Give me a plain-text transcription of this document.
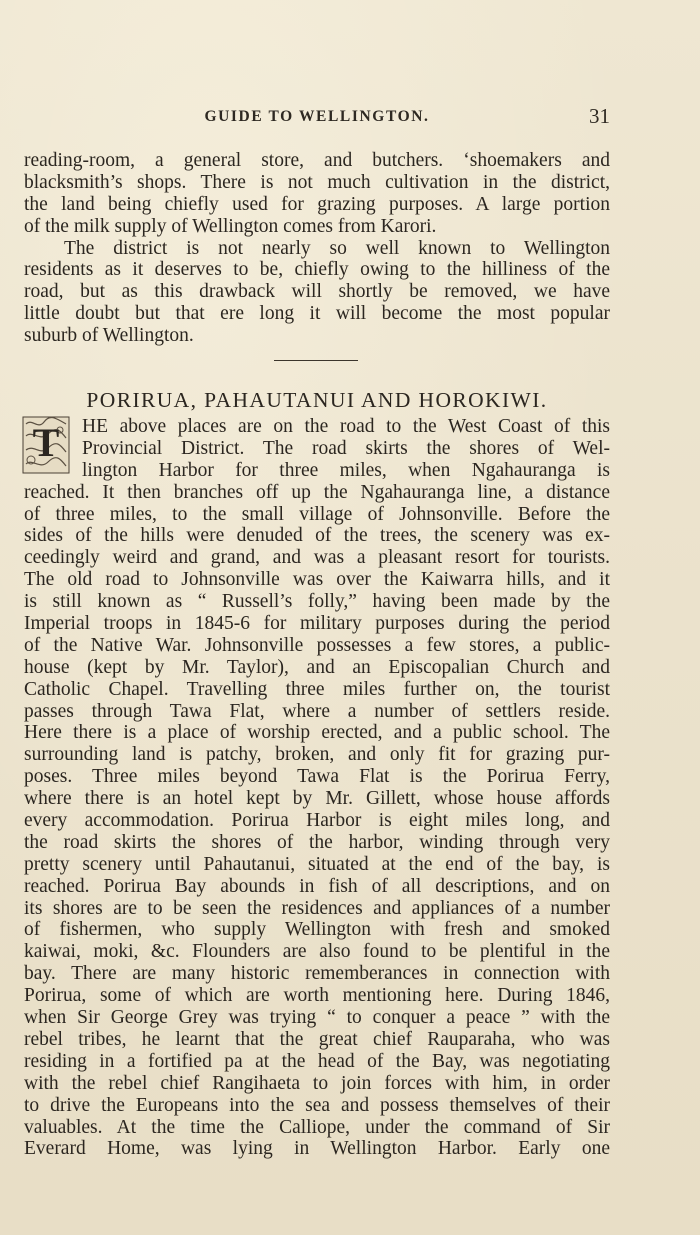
GUIDE TO WELLINGTON.	31
reading-room, a general store, and butchers. ‘shoemakers and
blacksmith’s shops. There is not much cultivation in the district,
the land being chiefly used for grazing purposes. A large portion
of the milk supply of Wellington comes from Karori.
The district is not nearly so well known to Wellington
residents as it deserves to be, chiefly owing to the hilliness of the
road, but as this drawback will shortly be removed, we have
little doubt but that ere long it will become the most popular
suburb of Wellington.
PORIRUA, PAHAUTANUI AND HOROKIWI.
T	HE above places are on the road to the West Coast of this
Provincial District. The road skirts the shores of Wel-
lington Harbor for three miles, when Ngahauranga is
reached. It then branches off up the Ngahauranga line, a distance
of three miles, to the small village of Johnsonville. Before the
sides of the hills were denuded of the trees, the scenery was ex-
ceedingly weird and grand, and was a pleasant resort for tourists.
The old road to Johnsonville was over the Kaiwarra hills, and it
is still known as “ Russell’s folly,” having been made by the
Imperial troops in 1845-6 for military purposes during the period
of the Native War. Johnsonville possesses a few stores, a public-
house (kept by Mr. Taylor), and an Episcopalian Church and
Catholic Chapel. Travelling three miles further on, the tourist
passes through Tawa Flat, where a number of settlers reside.
Here there is a place of worship erected, and a public school. The
surrounding land is patchy, broken, and only fit for grazing pur-
poses. Three miles beyond Tawa Flat is the Porirua Ferry,
where there is an hotel kept by Mr. Gillett, whose house affords
every accommodation. Porirua Harbor is eight miles long, and
the road skirts the shores of the harbor, winding through very
pretty scenery until Pahautanui, situated at the end of the bay, is
reached. Porirua Bay abounds in fish of all descriptions, and on
its shores are to be seen the residences and appliances of a number
of fishermen, who supply Wellington with fresh and smoked
kaiwai, moki, &c. Flounders are also found to be plentiful in the
bay. There are many historic rememberances in connection with
Porirua, some of which are worth mentioning here. During 1846,
when Sir George Grey was trying “ to conquer a peace ” with the
rebel tribes, he learnt that the great chief Rauparaha, who was
residing in a fortified pa at the head of the Bay, was negotiating
with the rebel chief Rangihaeta to join forces with him, in order
to drive the Europeans into the sea and possess themselves of their
valuables. At the time the Calliope, under the command of Sir
Everard Home, was lying in Wellington Harbor. Early one
